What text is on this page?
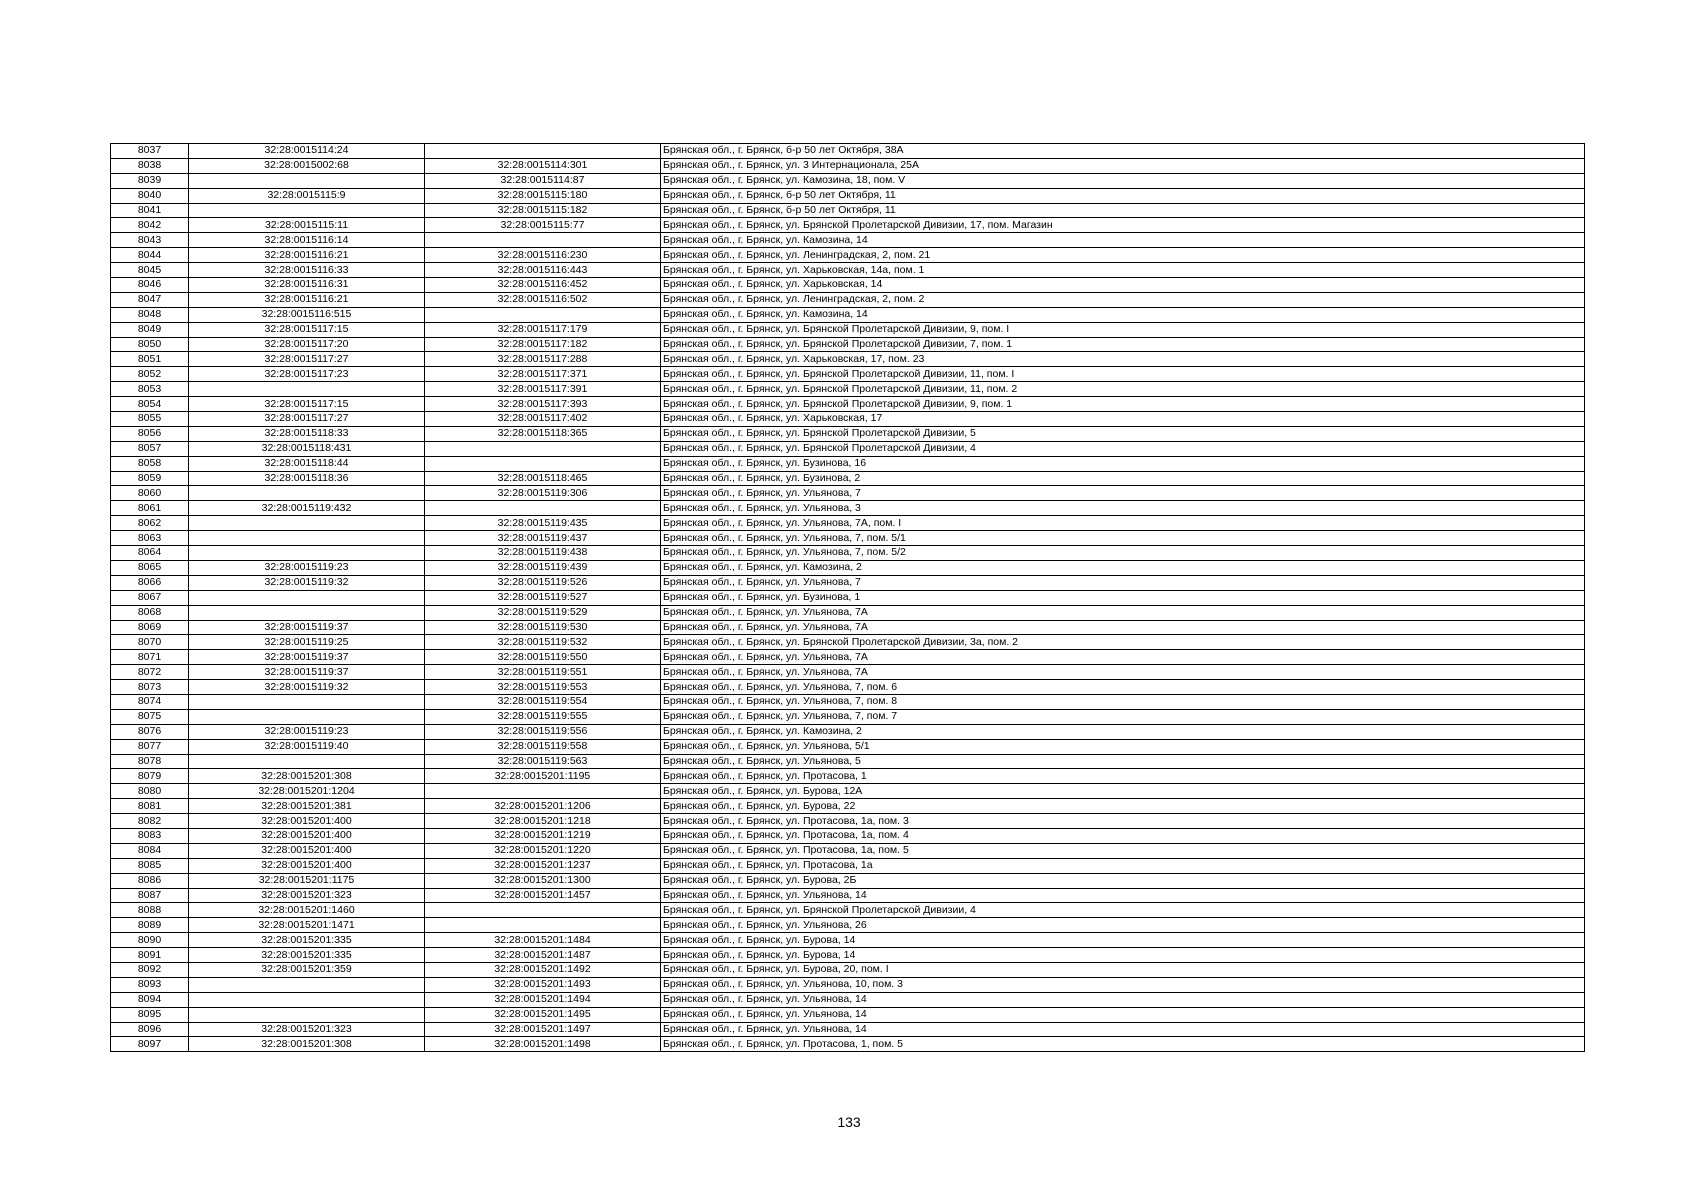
8037	32:28:0015114:24		Брянская обл., г. Брянск, б-р 50 лет Октября, 38А
8038	32:28:0015002:68	32:28:0015114:301	Брянская обл., г. Брянск, ул. 3 Интернационала, 25А
8039		32:28:0015114:87	Брянская обл., г. Брянск, ул. Камозина, 18, пом. V
8040	32:28:0015115:9	32:28:0015115:180	Брянская обл., г. Брянск, б-р 50 лет Октября, 11
8041		32:28:0015115:182	Брянская обл., г. Брянск, б-р 50 лет Октября, 11
8042	32:28:0015115:11	32:28:0015115:77	Брянская обл., г. Брянск, ул. Брянской Пролетарской Дивизии, 17, пом. Магазин
8043	32:28:0015116:14		Брянская обл., г. Брянск, ул. Камозина, 14
8044	32:28:0015116:21	32:28:0015116:230	Брянская обл., г. Брянск, ул. Ленинградская, 2, пом. 21
8045	32:28:0015116:33	32:28:0015116:443	Брянская обл., г. Брянск, ул. Харьковская, 14а, пом. 1
8046	32:28:0015116:31	32:28:0015116:452	Брянская обл., г. Брянск, ул. Харьковская, 14
8047	32:28:0015116:21	32:28:0015116:502	Брянская обл., г. Брянск, ул. Ленинградская, 2, пом. 2
8048	32:28:0015116:515		Брянская обл., г. Брянск, ул. Камозина, 14
8049	32:28:0015117:15	32:28:0015117:179	Брянская обл., г. Брянск, ул. Брянской Пролетарской Дивизии, 9, пом. I
8050	32:28:0015117:20	32:28:0015117:182	Брянская обл., г. Брянск, ул. Брянской Пролетарской Дивизии, 7, пом. 1
8051	32:28:0015117:27	32:28:0015117:288	Брянская обл., г. Брянск, ул. Харьковская, 17, пом. 23
8052	32:28:0015117:23	32:28:0015117:371	Брянская обл., г. Брянск, ул. Брянской Пролетарской Дивизии, 11, пом. I
8053		32:28:0015117:391	Брянская обл., г. Брянск, ул. Брянской Пролетарской Дивизии, 11, пом. 2
8054	32:28:0015117:15	32:28:0015117:393	Брянская обл., г. Брянск, ул. Брянской Пролетарской Дивизии, 9, пом. 1
8055	32:28:0015117:27	32:28:0015117:402	Брянская обл., г. Брянск, ул. Харьковская, 17
8056	32:28:0015118:33	32:28:0015118:365	Брянская обл., г. Брянск, ул. Брянской Пролетарской Дивизии, 5
8057	32:28:0015118:431		Брянская обл., г. Брянск, ул. Брянской Пролетарской Дивизии, 4
8058	32:28:0015118:44		Брянская обл., г. Брянск, ул. Бузинова, 16
8059	32:28:0015118:36	32:28:0015118:465	Брянская обл., г. Брянск, ул. Бузинова, 2
8060		32:28:0015119:306	Брянская обл., г. Брянск, ул. Ульянова, 7
8061	32:28:0015119:432		Брянская обл., г. Брянск, ул. Ульянова, 3
8062		32:28:0015119:435	Брянская обл., г. Брянск, ул. Ульянова, 7А, пом. I
8063		32:28:0015119:437	Брянская обл., г. Брянск, ул. Ульянова, 7, пом. 5/1
8064		32:28:0015119:438	Брянская обл., г. Брянск, ул. Ульянова, 7, пом. 5/2
8065	32:28:0015119:23	32:28:0015119:439	Брянская обл., г. Брянск, ул. Камозина, 2
8066	32:28:0015119:32	32:28:0015119:526	Брянская обл., г. Брянск, ул. Ульянова, 7
8067		32:28:0015119:527	Брянская обл., г. Брянск, ул. Бузинова, 1
8068		32:28:0015119:529	Брянская обл., г. Брянск, ул. Ульянова, 7А
8069	32:28:0015119:37	32:28:0015119:530	Брянская обл., г. Брянск, ул. Ульянова, 7А
8070	32:28:0015119:25	32:28:0015119:532	Брянская обл., г. Брянск, ул. Брянской Пролетарской Дивизии, 3а, пом. 2
8071	32:28:0015119:37	32:28:0015119:550	Брянская обл., г. Брянск, ул. Ульянова, 7А
8072	32:28:0015119:37	32:28:0015119:551	Брянская обл., г. Брянск, ул. Ульянова, 7А
8073	32:28:0015119:32	32:28:0015119:553	Брянская обл., г. Брянск, ул. Ульянова, 7, пом. 6
8074		32:28:0015119:554	Брянская обл., г. Брянск, ул. Ульянова, 7, пом. 8
8075		32:28:0015119:555	Брянская обл., г. Брянск, ул. Ульянова, 7, пом. 7
8076	32:28:0015119:23	32:28:0015119:556	Брянская обл., г. Брянск, ул. Камозина, 2
8077	32:28:0015119:40	32:28:0015119:558	Брянская обл., г. Брянск, ул. Ульянова, 5/1
8078		32:28:0015119:563	Брянская обл., г. Брянск, ул. Ульянова, 5
8079	32:28:0015201:308	32:28:0015201:1195	Брянская обл., г. Брянск, ул. Протасова, 1
8080	32:28:0015201:1204		Брянская обл., г. Брянск, ул. Бурова, 12А
8081	32:28:0015201:381	32:28:0015201:1206	Брянская обл., г. Брянск, ул. Бурова, 22
8082	32:28:0015201:400	32:28:0015201:1218	Брянская обл., г. Брянск, ул. Протасова, 1а, пом. 3
8083	32:28:0015201:400	32:28:0015201:1219	Брянская обл., г. Брянск, ул. Протасова, 1а, пом. 4
8084	32:28:0015201:400	32:28:0015201:1220	Брянская обл., г. Брянск, ул. Протасова, 1а, пом. 5
8085	32:28:0015201:400	32:28:0015201:1237	Брянская обл., г. Брянск, ул. Протасова, 1а
8086	32:28:0015201:1175	32:28:0015201:1300	Брянская обл., г. Брянск, ул. Бурова, 2Б
8087	32:28:0015201:323	32:28:0015201:1457	Брянская обл., г. Брянск, ул. Ульянова, 14
8088	32:28:0015201:1460		Брянская обл., г. Брянск, ул. Брянской Пролетарской Дивизии, 4
8089	32:28:0015201:1471		Брянская обл., г. Брянск, ул. Ульянова, 26
8090	32:28:0015201:335	32:28:0015201:1484	Брянская обл., г. Брянск, ул. Бурова, 14
8091	32:28:0015201:335	32:28:0015201:1487	Брянская обл., г. Брянск, ул. Бурова, 14
8092	32:28:0015201:359	32:28:0015201:1492	Брянская обл., г. Брянск, ул. Бурова, 20, пом. I
8093		32:28:0015201:1493	Брянская обл., г. Брянск, ул. Ульянова, 10, пом. 3
8094		32:28:0015201:1494	Брянская обл., г. Брянск, ул. Ульянова, 14
8095		32:28:0015201:1495	Брянская обл., г. Брянск, ул. Ульянова, 14
8096	32:28:0015201:323	32:28:0015201:1497	Брянская обл., г. Брянск, ул. Ульянова, 14
8097	32:28:0015201:308	32:28:0015201:1498	Брянская обл., г. Брянск, ул. Протасова, 1, пом. 5
133
